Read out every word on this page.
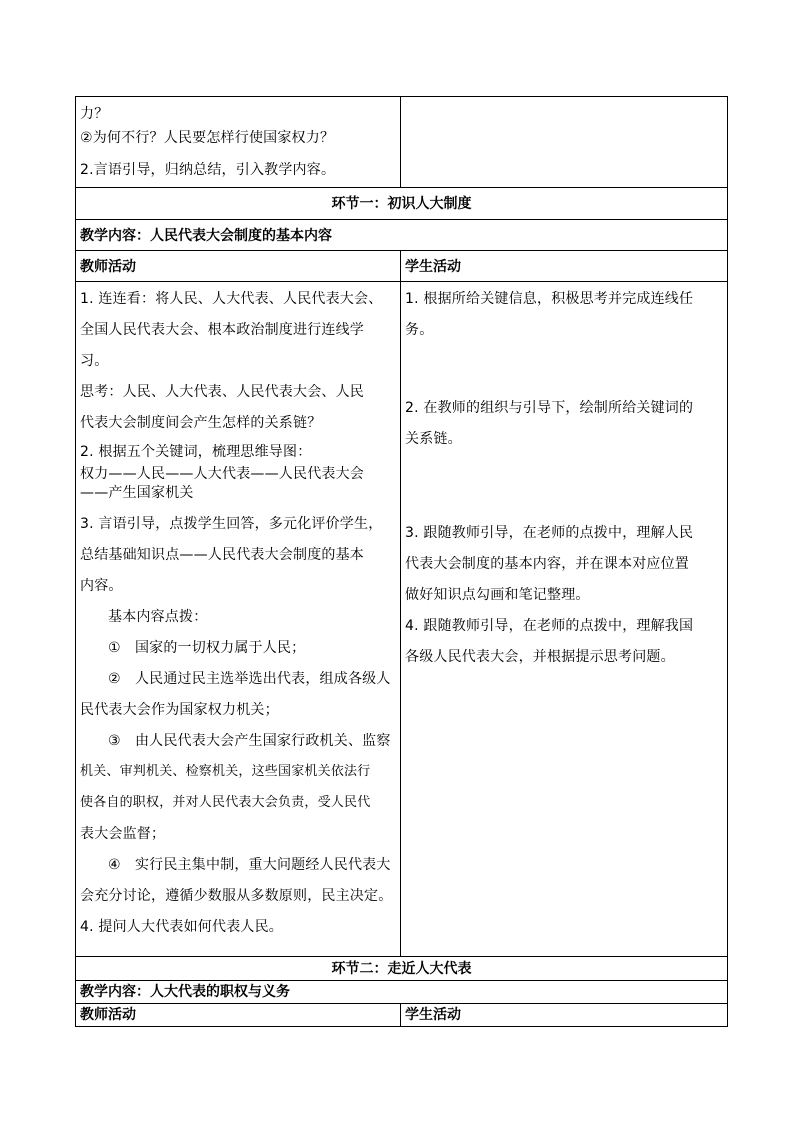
力？

②为何不行？人民要怎样行使国家权力？

2.言语引导，归纳总结，引入教学内容。

环节一：初识人大制度
教学内容：人民代表大会制度的基本内容
教师活动	学生活动

1. 连连看：将人民、人大代表、人民代表大会、

全国人民代表大会、根本政治制度进行连线学

习。

思考：人民、人大代表、人民代表大会、人民

代表大会制度间会产生怎样的关系链？

2. 根据五个关键词，梳理思维导图：

权力——人民——人大代表——人民代表大会

——产生国家机关

3. 言语引导，点拨学生回答，多元化评价学生，

总结基础知识点——人民代表大会制度的基本

内容。

基本内容点拨：

①　国家的一切权力属于人民；

②　人民通过民主选举选出代表，组成各级人

民代表大会作为国家权力机关；

③　由人民代表大会产生国家行政机关、监察

机关、审判机关、检察机关，这些国家机关依法行

使各自的职权，并对人民代表大会负责，受人民代

表大会监督；

④　实行民主集中制，重大问题经人民代表大

会充分讨论，遵循少数服从多数原则，民主决定。

4. 提问人大代表如何代表人民。

1. 根据所给关键信息，积极思考并完成连线任

务。

2. 在教师的组织与引导下，绘制所给关键词的

关系链。

3. 跟随教师引导，在老师的点拨中，理解人民

代表大会制度的基本内容，并在课本对应位置

做好知识点勾画和笔记整理。

4. 跟随教师引导，在老师的点拨中，理解我国

各级人民代表大会，并根据提示思考问题。

环节二：走近人大代表
教学内容：人大代表的职权与义务
教师活动	学生活动
